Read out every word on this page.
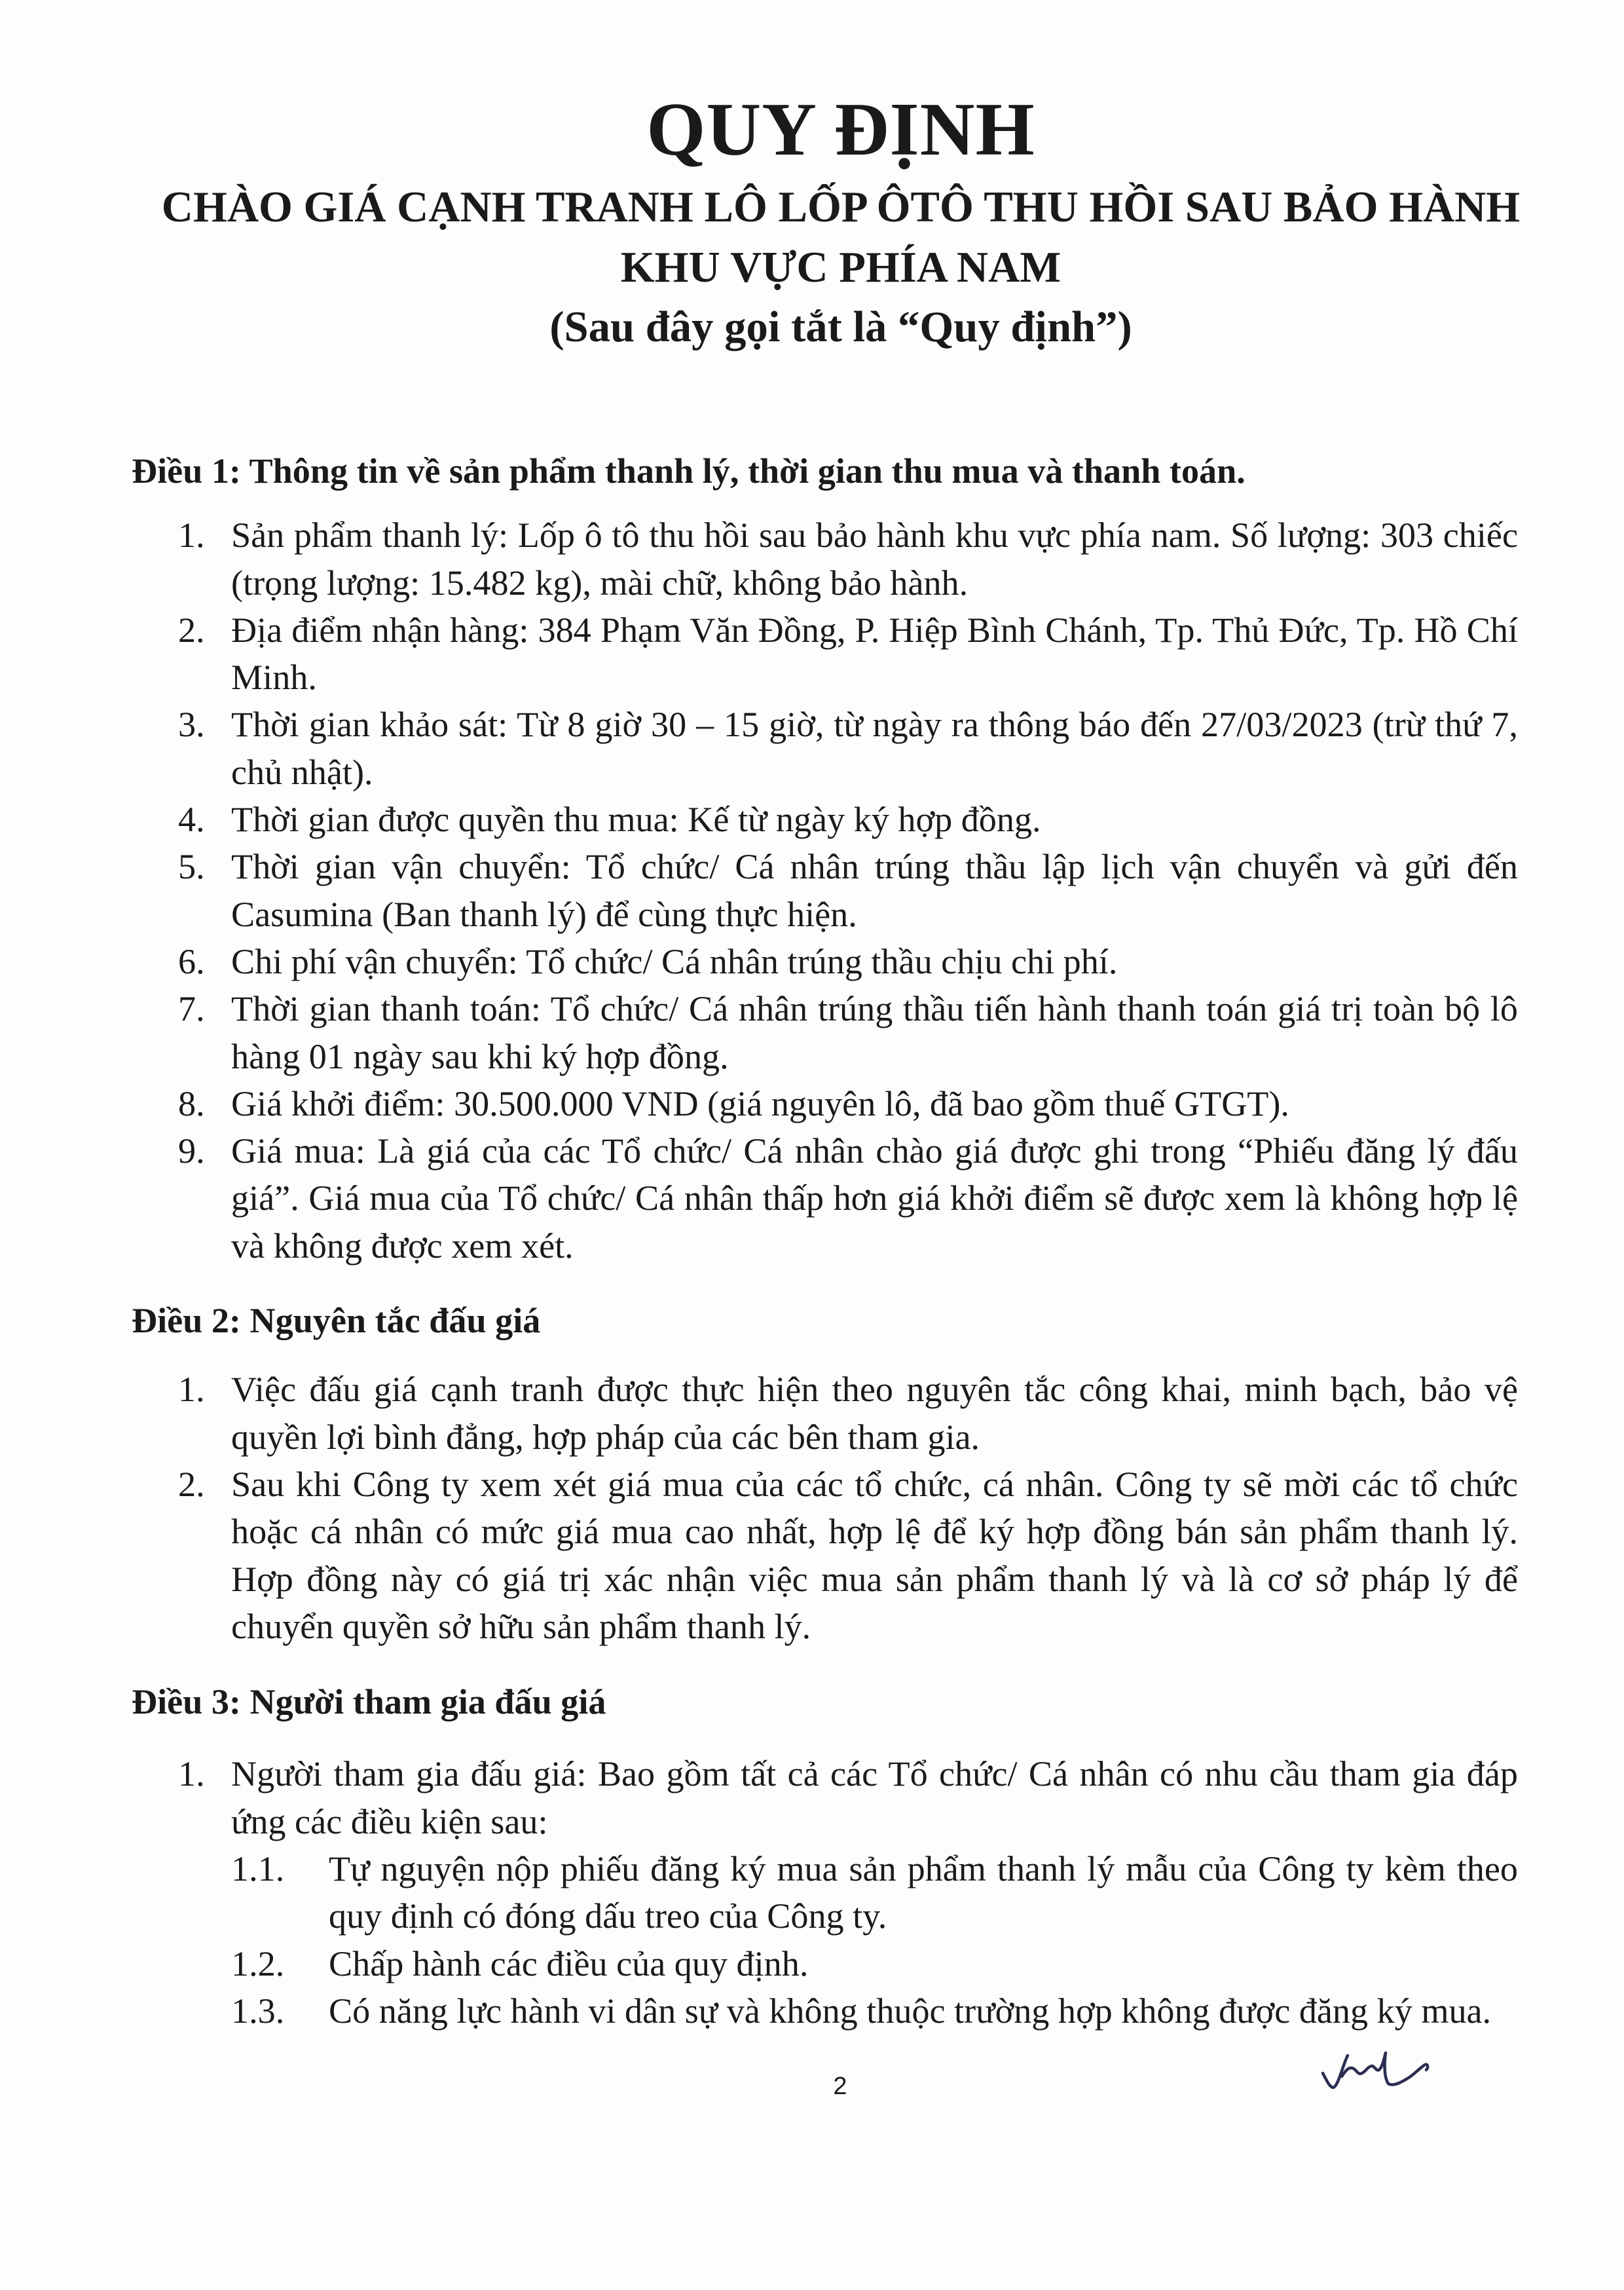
QUY ĐỊNH
CHÀO GIÁ CẠNH TRANH LÔ LỐP ÔTÔ THU HỒI SAU BẢO HÀNH
KHU VỰC PHÍA NAM
(Sau đây gọi tắt là “Quy định”)
Điều 1: Thông tin về sản phẩm thanh lý, thời gian thu mua và thanh toán.
1. Sản phẩm thanh lý: Lốp ô tô thu hồi sau bảo hành khu vực phía nam. Số lượng: 303 chiếc (trọng lượng: 15.482 kg), mài chữ, không bảo hành.
2. Địa điểm nhận hàng: 384 Phạm Văn Đồng, P. Hiệp Bình Chánh, Tp. Thủ Đức, Tp. Hồ Chí Minh.
3. Thời gian khảo sát: Từ 8 giờ 30 – 15 giờ, từ ngày ra thông báo đến 27/03/2023 (trừ thứ 7, chủ nhật).
4. Thời gian được quyền thu mua: Kế từ ngày ký hợp đồng.
5. Thời gian vận chuyển: Tổ chức/ Cá nhân trúng thầu lập lịch vận chuyển và gửi đến Casumina (Ban thanh lý) để cùng thực hiện.
6. Chi phí vận chuyển: Tổ chức/ Cá nhân trúng thầu chịu chi phí.
7. Thời gian thanh toán: Tổ chức/ Cá nhân trúng thầu tiến hành thanh toán giá trị toàn bộ lô hàng 01 ngày sau khi ký hợp đồng.
8. Giá khởi điểm: 30.500.000 VND (giá nguyên lô, đã bao gồm thuế GTGT).
9. Giá mua: Là giá của các Tổ chức/ Cá nhân chào giá được ghi trong “Phiếu đăng lý đấu giá”. Giá mua của Tổ chức/ Cá nhân thấp hơn giá khởi điểm sẽ được xem là không hợp lệ và không được xem xét.
Điều 2: Nguyên tắc đấu giá
1. Việc đấu giá cạnh tranh được thực hiện theo nguyên tắc công khai, minh bạch, bảo vệ quyền lợi bình đẳng, hợp pháp của các bên tham gia.
2. Sau khi Công ty xem xét giá mua của các tổ chức, cá nhân. Công ty sẽ mời các tổ chức hoặc cá nhân có mức giá mua cao nhất, hợp lệ để ký hợp đồng bán sản phẩm thanh lý. Hợp đồng này có giá trị xác nhận việc mua sản phẩm thanh lý và là cơ sở pháp lý để chuyển quyền sở hữu sản phẩm thanh lý.
Điều 3: Người tham gia đấu giá
1. Người tham gia đấu giá: Bao gồm tất cả các Tổ chức/ Cá nhân có nhu cầu tham gia đáp ứng các điều kiện sau:
1.1.	Tự nguyện nộp phiếu đăng ký mua sản phẩm thanh lý mẫu của Công ty kèm theo quy định có đóng dấu treo của Công ty.
1.2.	Chấp hành các điều của quy định.
1.3.	Có năng lực hành vi dân sự và không thuộc trường hợp không được đăng ký mua.
2
